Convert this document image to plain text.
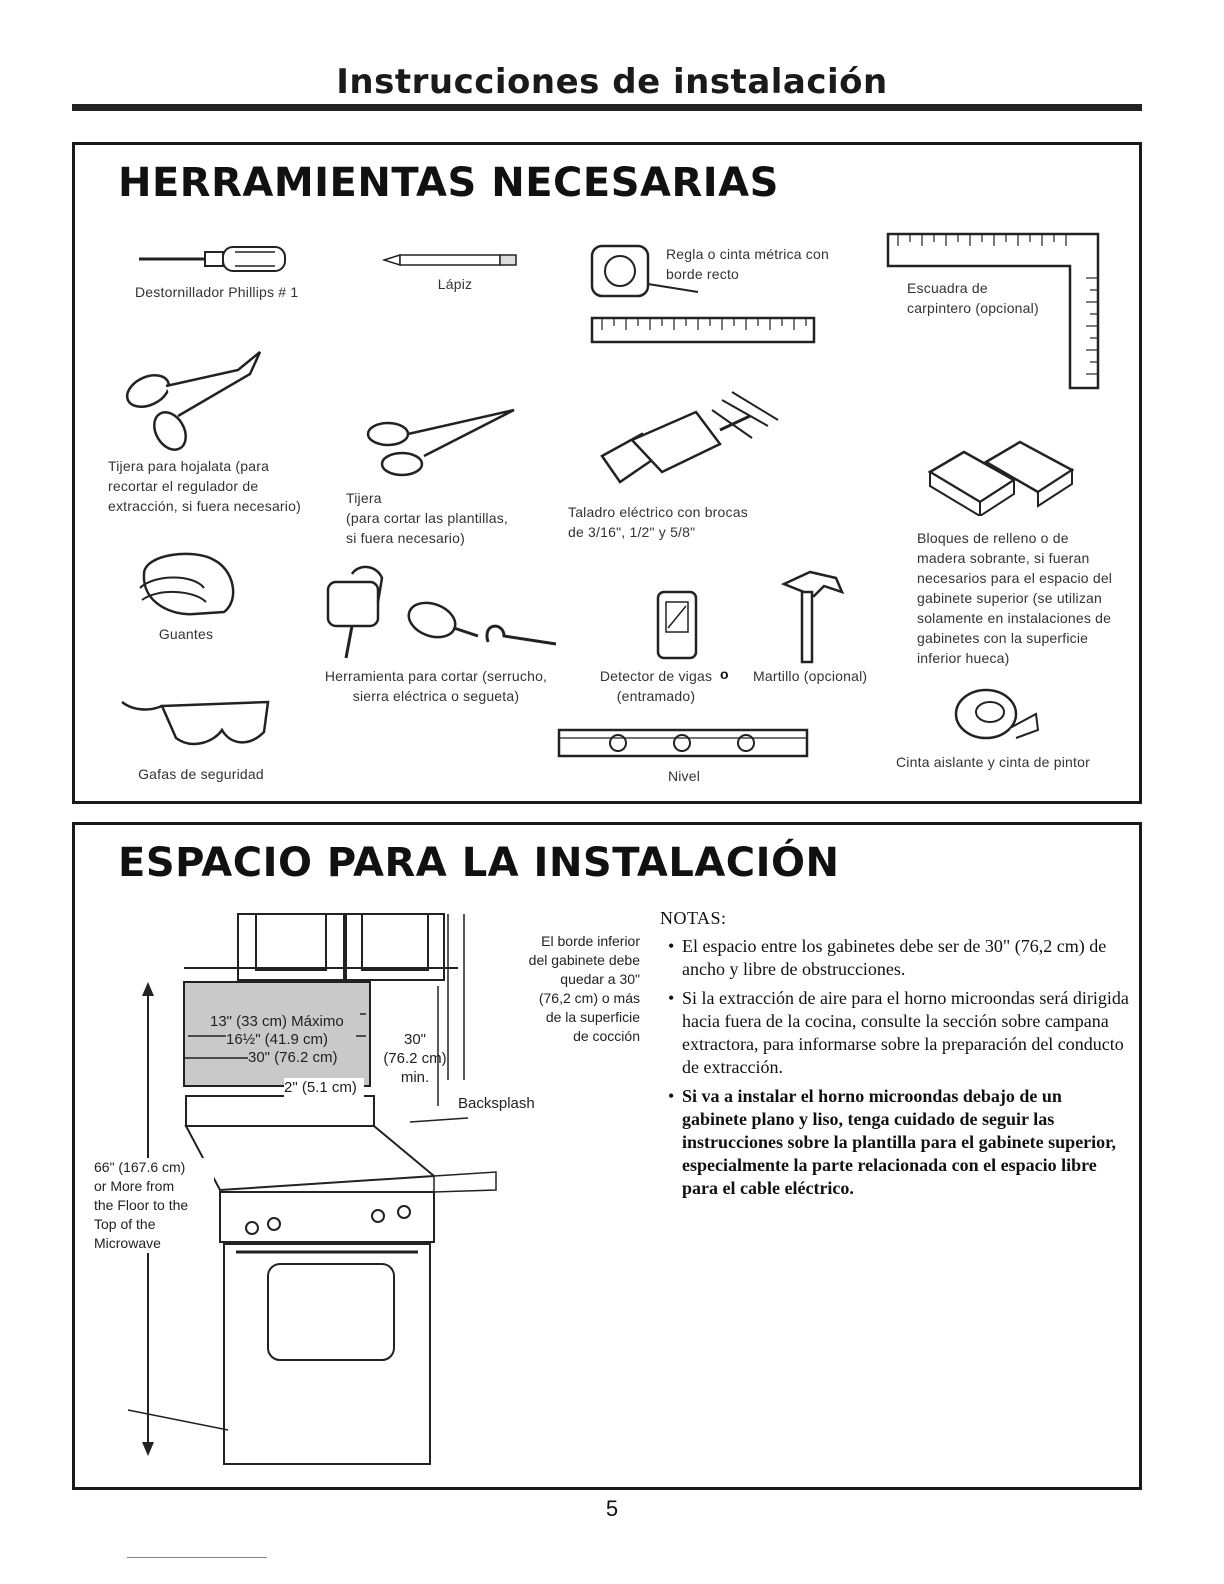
Instrucciones de instalación
HERRAMIENTAS NECESARIAS
Destornillador Phillips # 1	Lápiz
Regla o cinta métrica con
borde recto
Escuadra de
carpintero (opcional)
Tijera para hojalata (para
recortar el regulador de
extracción, si fuera necesario)	Tijera
(para cortar las plantillas,
si fuera necesario)
Taladro eléctrico con brocas
de 3/16", 1/2" y 5/8"	Bloques de relleno o de
madera sobrante, si fueran
necesarios para el espacio del
gabinete superior (se utilizan
solamente en instalaciones de
gabinetes con la superficie
inferior hueca)
Guantes
Herramienta para cortar (serrucho,
sierra eléctrica o segueta)
Detector de vigas
(entramado)
o Martillo (opcional)
Gafas de seguridad	Nivel
Cinta aislante y cinta de pintor
ESPACIO PARA LA INSTALACIÓN
13" (33 cm) Máximo
16½" (41.9 cm)
30" (76.2 cm)
2" (5.1 cm)
30"
(76.2 cm)
min.
Backsplash
El borde inferior
del gabinete debe
quedar a 30"
(76,2 cm) o más
de la superficie
de cocción
66" (167.6 cm)
or More from
the Floor to the
Top of the
Microwave
NOTAS:

• El espacio entre los gabinetes debe ser de 30" (76,2 cm) de ancho y libre de obstrucciones.

• Si la extracción de aire para el horno microondas será dirigida hacia fuera de la cocina, consulte la sección sobre campana extractora, para informarse sobre la preparación del conducto de extracción.

• Si va a instalar el horno microondas debajo de un gabinete plano y liso, tenga cuidado de seguir las instrucciones sobre la plantilla para el gabinete superior, especialmente la parte relacionada con el espacio libre para el cable eléctrico.

5
